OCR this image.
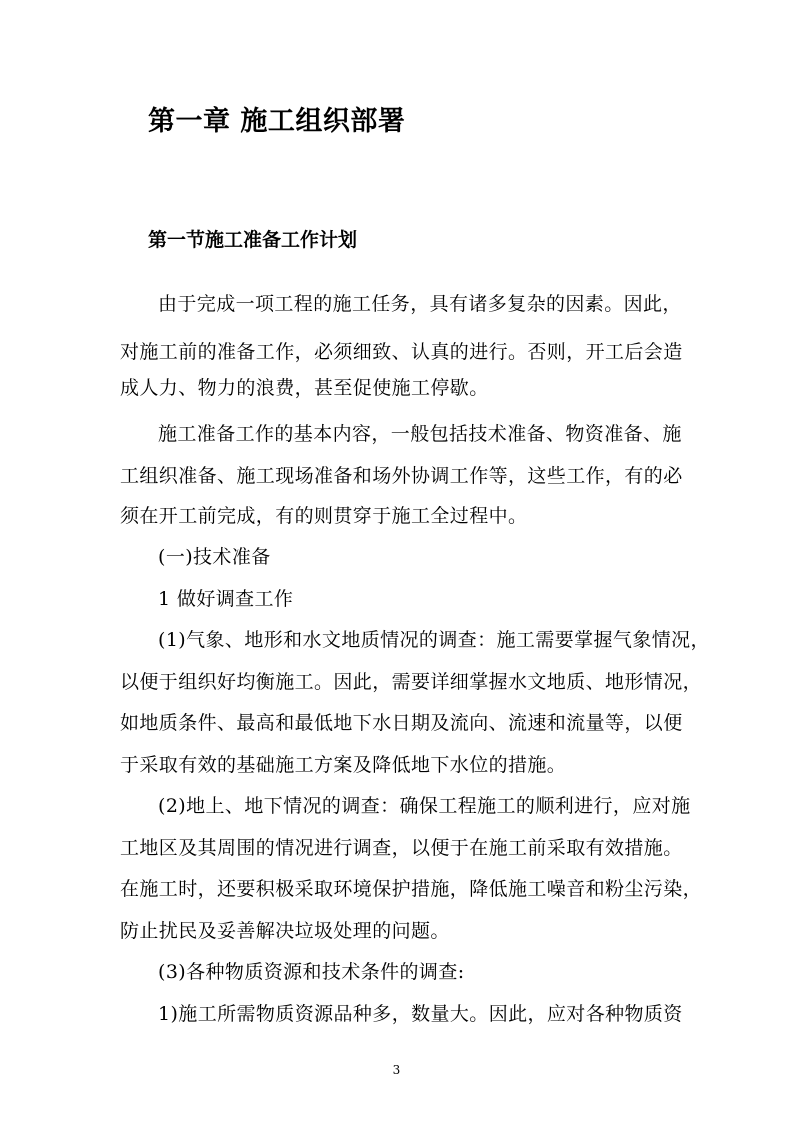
第一章 施工组织部署
第一节施工准备工作计划

由于完成一项工程的施工任务，具有诸多复杂的因素。因此，

对施工前的准备工作，必须细致、认真的进行。否则，开工后会造

成人力、物力的浪费，甚至促使施工停歇。

施工准备工作的基本内容，一般包括技术准备、物资准备、施

工组织准备、施工现场准备和场外协调工作等，这些工作，有的必

须在开工前完成，有的则贯穿于施工全过程中。

(一)技术准备

1 做好调查工作

(1)气象、地形和水文地质情况的调查：施工需要掌握气象情况，

以便于组织好均衡施工。因此，需要详细掌握水文地质、地形情况，

如地质条件、最高和最低地下水日期及流向、流速和流量等，以便

于采取有效的基础施工方案及降低地下水位的措施。

(2)地上、地下情况的调查：确保工程施工的顺利进行，应对施

工地区及其周围的情况进行调查，以便于在施工前采取有效措施。

在施工时，还要积极采取环境保护措施，降低施工噪音和粉尘污染，

防止扰民及妥善解决垃圾处理的问题。

(3)各种物质资源和技术条件的调查:

1)施工所需物质资源品种多，数量大。因此，应对各种物质资

3
